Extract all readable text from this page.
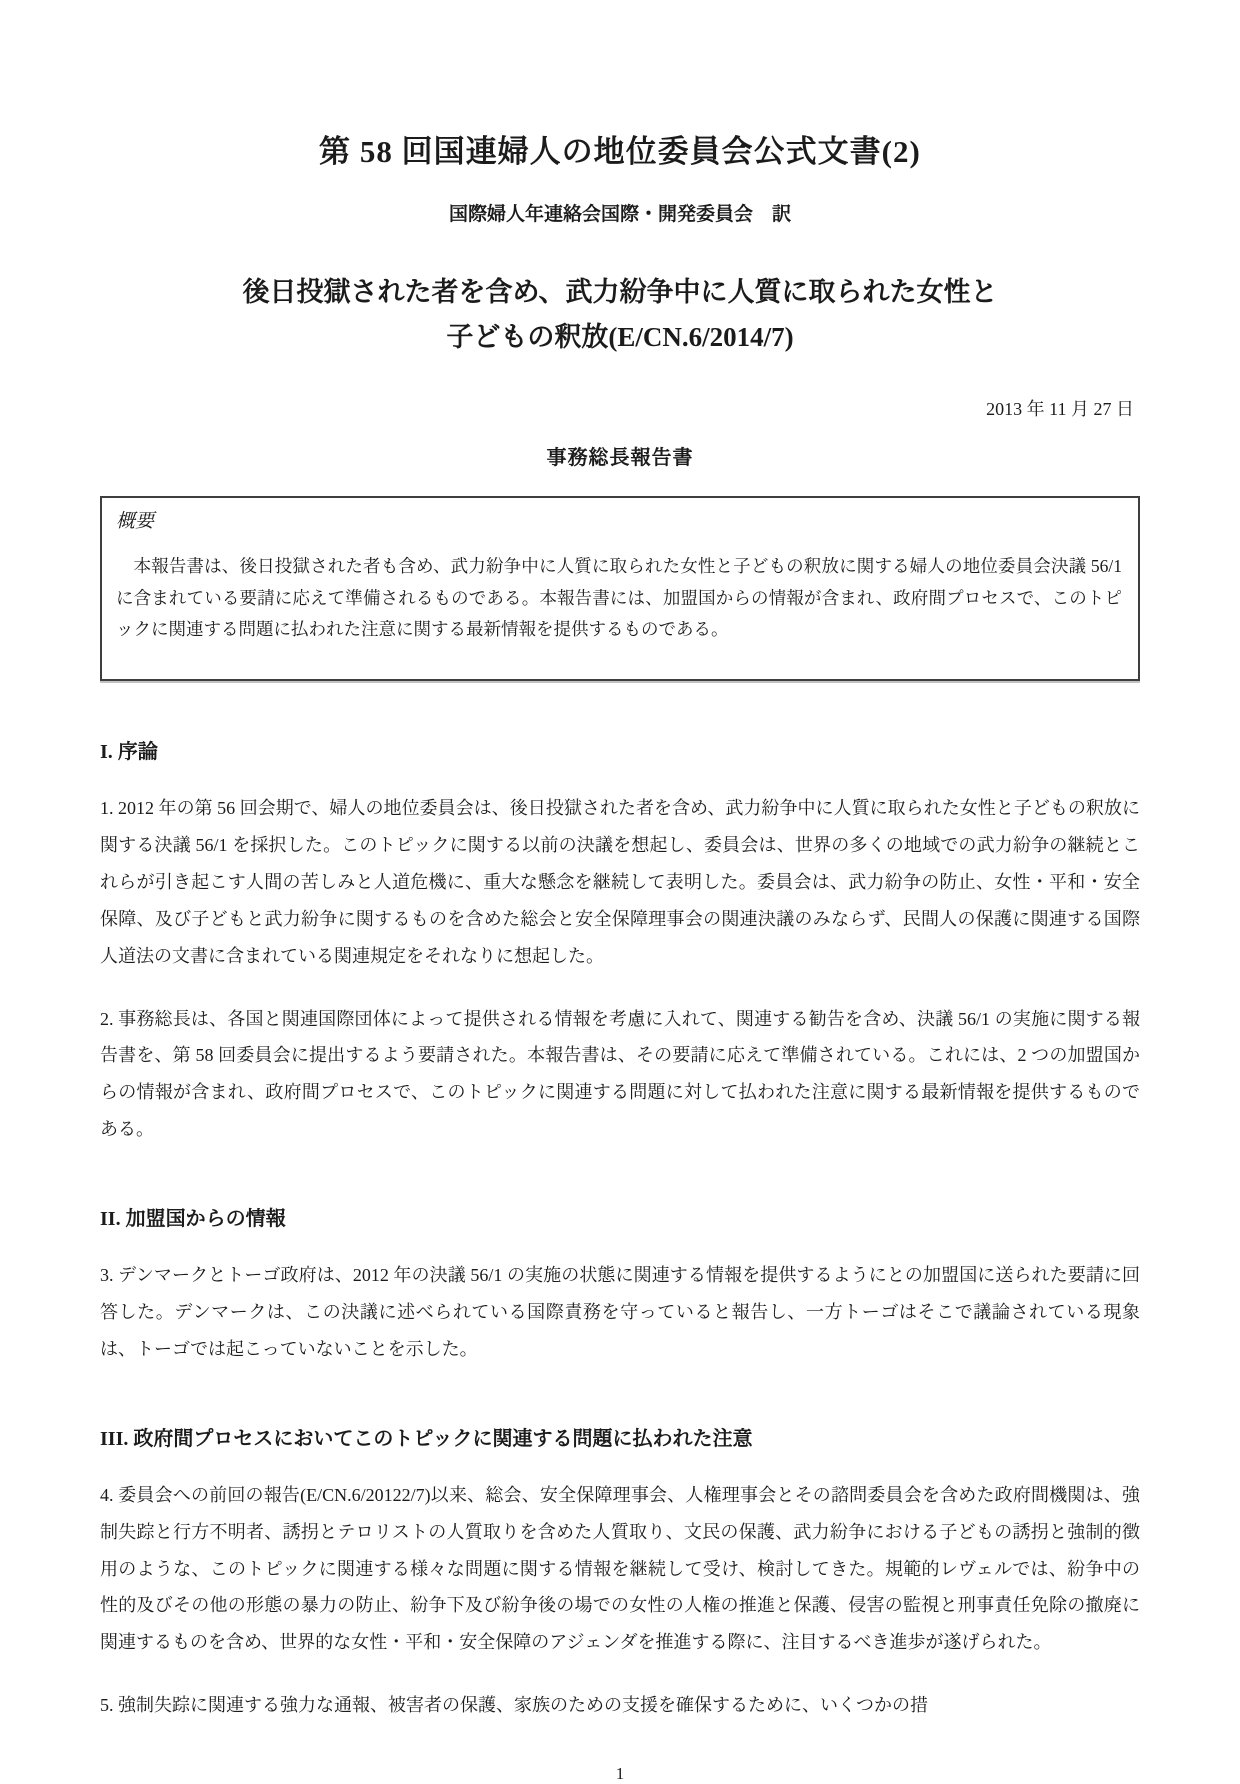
第 58 回国連婦人の地位委員会公式文書(2)
国際婦人年連絡会国際・開発委員会　訳
後日投獄された者を含め、武力紛争中に人質に取られた女性と
子どもの釈放(E/CN.6/2014/7)
2013 年 11 月 27 日
事務総長報告書
概要

本報告書は、後日投獄された者も含め、武力紛争中に人質に取られた女性と子どもの釈放に関する婦人の地位委員会決議 56/1 に含まれている要請に応えて準備されるものである。本報告書には、加盟国からの情報が含まれ、政府間プロセスで、このトピックに関連する問題に払われた注意に関する最新情報を提供するものである。

I. 序論

1. 2012 年の第 56 回会期で、婦人の地位委員会は、後日投獄された者を含め、武力紛争中に人質に取られた女性と子どもの釈放に関する決議 56/1 を採択した。このトピックに関する以前の決議を想起し、委員会は、世界の多くの地域での武力紛争の継続とこれらが引き起こす人間の苦しみと人道危機に、重大な懸念を継続して表明した。委員会は、武力紛争の防止、女性・平和・安全保障、及び子どもと武力紛争に関するものを含めた総会と安全保障理事会の関連決議のみならず、民間人の保護に関連する国際人道法の文書に含まれている関連規定をそれなりに想起した。

2. 事務総長は、各国と関連国際団体によって提供される情報を考慮に入れて、関連する勧告を含め、決議 56/1 の実施に関する報告書を、第 58 回委員会に提出するよう要請された。本報告書は、その要請に応えて準備されている。これには、2 つの加盟国からの情報が含まれ、政府間プロセスで、このトピックに関連する問題に対して払われた注意に関する最新情報を提供するものである。

II. 加盟国からの情報

3. デンマークとトーゴ政府は、2012 年の決議 56/1 の実施の状態に関連する情報を提供するようにとの加盟国に送られた要請に回答した。デンマークは、この決議に述べられている国際責務を守っていると報告し、一方トーゴはそこで議論されている現象は、トーゴでは起こっていないことを示した。

III. 政府間プロセスにおいてこのトピックに関連する問題に払われた注意

4. 委員会への前回の報告(E/CN.6/20122/7)以来、総会、安全保障理事会、人権理事会とその諮問委員会を含めた政府間機関は、強制失踪と行方不明者、誘拐とテロリストの人質取りを含めた人質取り、文民の保護、武力紛争における子どもの誘拐と強制的徴用のような、このトピックに関連する様々な問題に関する情報を継続して受け、検討してきた。規範的レヴェルでは、紛争中の性的及びその他の形態の暴力の防止、紛争下及び紛争後の場での女性の人権の推進と保護、侵害の監視と刑事責任免除の撤廃に関連するものを含め、世界的な女性・平和・安全保障のアジェンダを推進する際に、注目するべき進歩が遂げられた。

5. 強制失踪に関連する強力な通報、被害者の保護、家族のための支援を確保するために、いくつかの措

1
